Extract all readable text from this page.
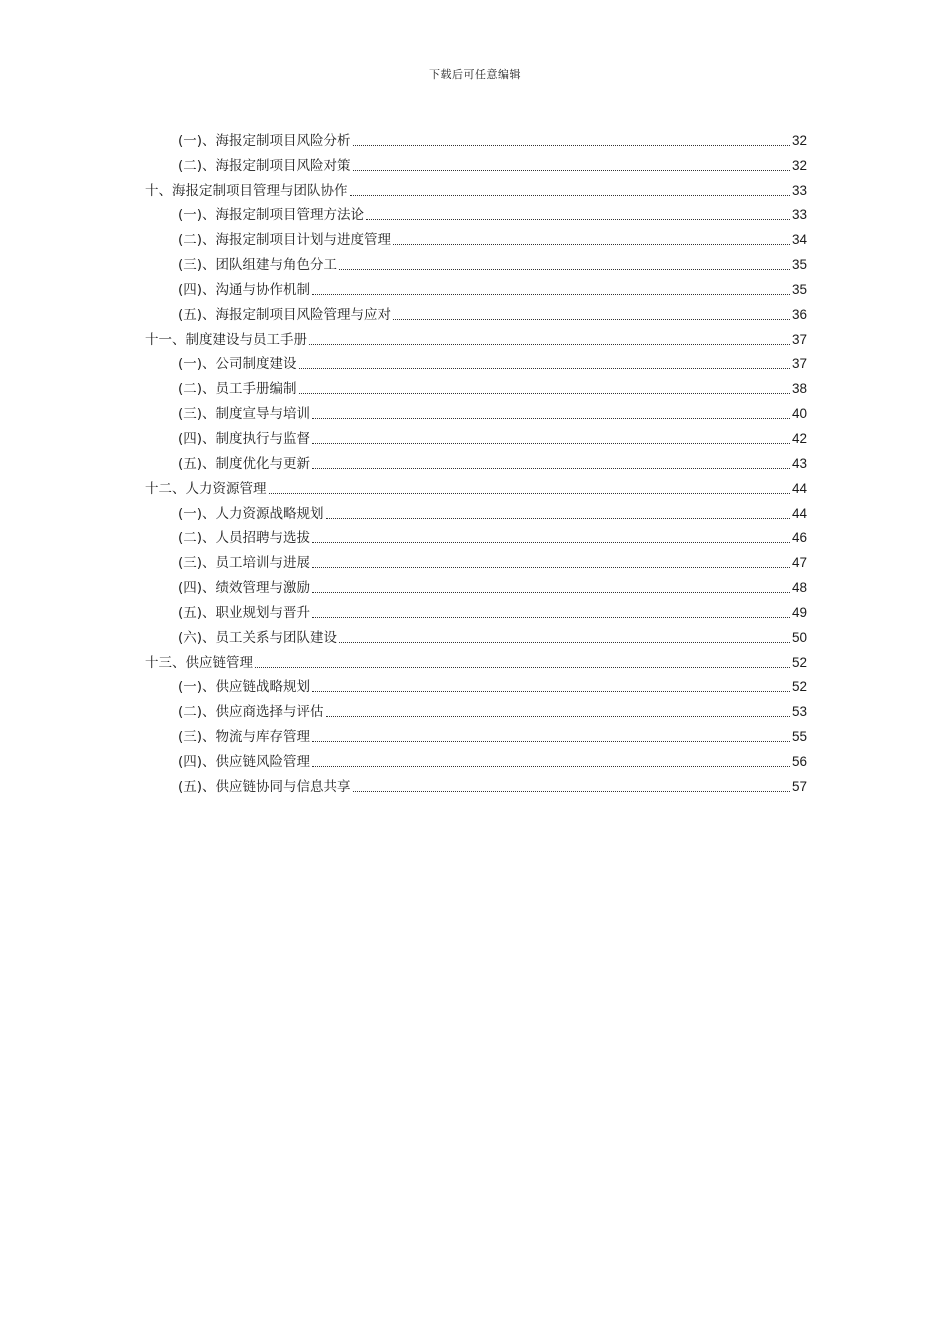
下载后可任意编辑
(一)、海报定制项目风险分析	32
(二)、海报定制项目风险对策	32
十、海报定制项目管理与团队协作	33
(一)、海报定制项目管理方法论	33
(二)、海报定制项目计划与进度管理	34
(三)、团队组建与角色分工	35
(四)、沟通与协作机制	35
(五)、海报定制项目风险管理与应对	36
十一、制度建设与员工手册	37
(一)、公司制度建设	37
(二)、员工手册编制	38
(三)、制度宣导与培训	40
(四)、制度执行与监督	42
(五)、制度优化与更新	43
十二、人力资源管理	44
(一)、人力资源战略规划	44
(二)、人员招聘与选拔	46
(三)、员工培训与进展	47
(四)、绩效管理与激励	48
(五)、职业规划与晋升	49
(六)、员工关系与团队建设	50
十三、供应链管理	52
(一)、供应链战略规划	52
(二)、供应商选择与评估	53
(三)、物流与库存管理	55
(四)、供应链风险管理	56
(五)、供应链协同与信息共享	57
